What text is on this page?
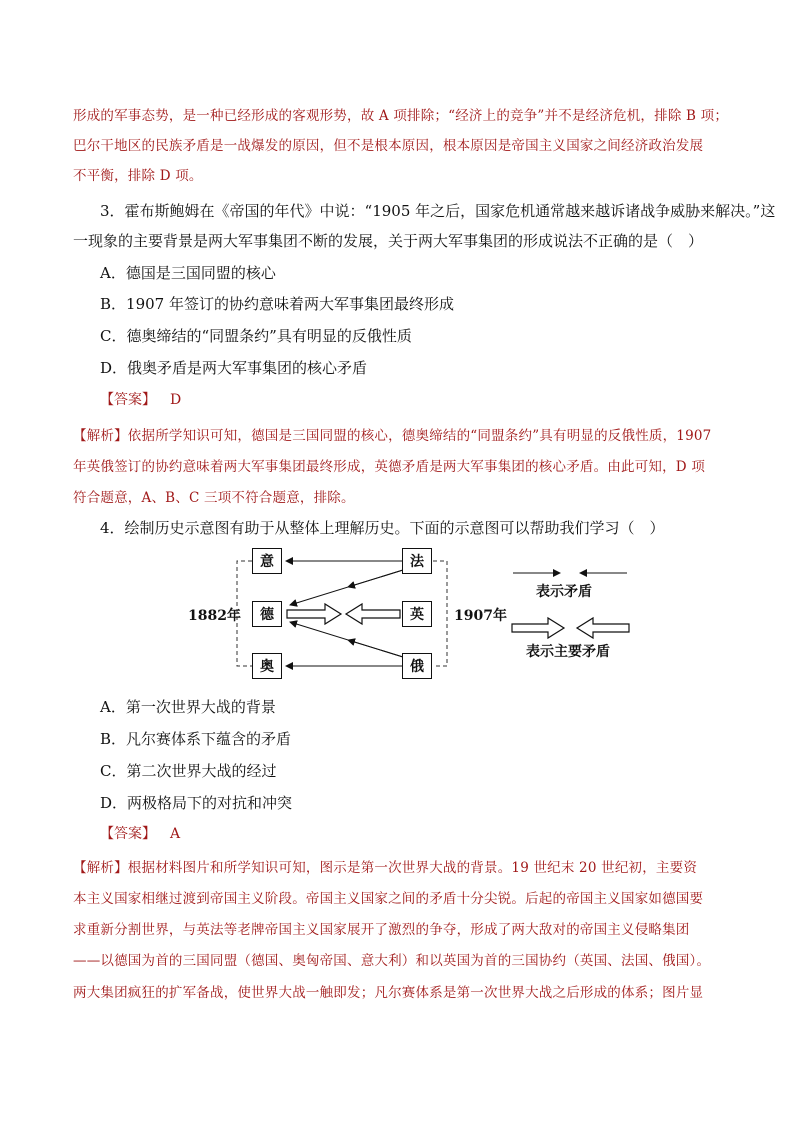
形成的军事态势，是一种已经形成的客观形势，故 A 项排除；“经济上的竞争”并不是经济危机，排除 B 项；
巴尔干地区的民族矛盾是一战爆发的原因，但不是根本原因，根本原因是帝国主义国家之间经济政治发展
不平衡，排除 D 项。
3．霍布斯鲍姆在《帝国的年代》中说：“1905 年之后，国家危机通常越来越诉诸战争威胁来解决。”这
一现象的主要背景是两大军事集团不断的发展，关于两大军事集团的形成说法不正确的是（　）
A．德国是三国同盟的核心
B．1907 年签订的协约意味着两大军事集团最终形成
C．德奥缔结的“同盟条约”具有明显的反俄性质
D．俄奥矛盾是两大军事集团的核心矛盾
【答案】 D
【解析】依据所学知识可知，德国是三国同盟的核心，德奥缔结的“同盟条约”具有明显的反俄性质，1907
年英俄签订的协约意味着两大军事集团最终形成，英德矛盾是两大军事集团的核心矛盾。由此可知，D 项
符合题意，A、B、C 三项不符合题意，排除。
4．绘制历史示意图有助于从整体上理解历史。下面的示意图可以帮助我们学习（　）
意
德
奥
法
英
俄
1882年	1907年
表示矛盾
表示主要矛盾
A．第一次世界大战的背景
B．凡尔赛体系下蕴含的矛盾
C．第二次世界大战的经过
D．两极格局下的对抗和冲突
【答案】 A
【解析】根据材料图片和所学知识可知，图示是第一次世界大战的背景。19 世纪末 20 世纪初，主要资
本主义国家相继过渡到帝国主义阶段。帝国主义国家之间的矛盾十分尖锐。后起的帝国主义国家如德国要
求重新分割世界，与英法等老牌帝国主义国家展开了激烈的争夺，形成了两大敌对的帝国主义侵略集团
——以德国为首的三国同盟（德国、奥匈帝国、意大利）和以英国为首的三国协约（英国、法国、俄国）。
两大集团疯狂的扩军备战，使世界大战一触即发；凡尔赛体系是第一次世界大战之后形成的体系；图片显
